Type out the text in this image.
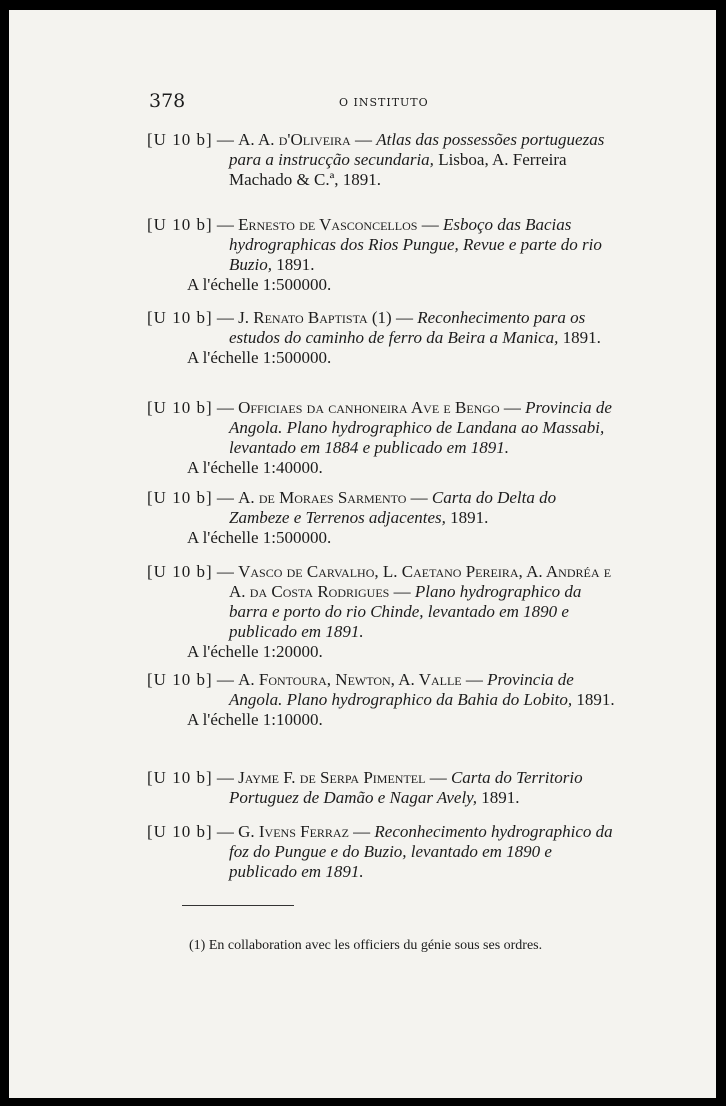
378	O INSTITUTO

[U 10 b] — A. A. d'Oliveira — Atlas das possessões portuguezas para a instrucção secundaria, Lisboa, A. Ferreira Machado & C.ª, 1891.

[U 10 b] — Ernesto de Vasconcellos — Esboço das Bacias hydrographicas dos Rios Pungue, Revue e parte do rio Buzio, 1891.

A l'échelle 1:500000.

[U 10 b] — J. Renato Baptista (1) — Reconhecimento para os estudos do caminho de ferro da Beira a Manica, 1891.

A l'échelle 1:500000.

[U 10 b] — Officiaes da canhoneira Ave e Bengo — Provincia de Angola. Plano hydrographico de Landana ao Massabi, levantado em 1884 e publicado em 1891.

A l'échelle 1:40000.

[U 10 b] — A. de Moraes Sarmento — Carta do Delta do Zambeze e Terrenos adjacentes, 1891.

A l'échelle 1:500000.

[U 10 b] — Vasco de Carvalho, L. Caetano Pereira, A. Andréa e A. da Costa Rodrigues — Plano hydrographico da barra e porto do rio Chinde, levantado em 1890 e publicado em 1891.

A l'échelle 1:20000.

[U 10 b] — A. Fontoura, Newton, A. Valle — Provincia de Angola. Plano hydrographico da Bahia do Lobito, 1891.

A l'échelle 1:10000.

[U 10 b] — Jayme F. de Serpa Pimentel — Carta do Territorio Portuguez de Damão e Nagar Avely, 1891.

[U 10 b] — G. Ivens Ferraz — Reconhecimento hydrographico da foz do Pungue e do Buzio, levantado em 1890 e publicado em 1891.

(1) En collaboration avec les officiers du génie sous ses ordres.
